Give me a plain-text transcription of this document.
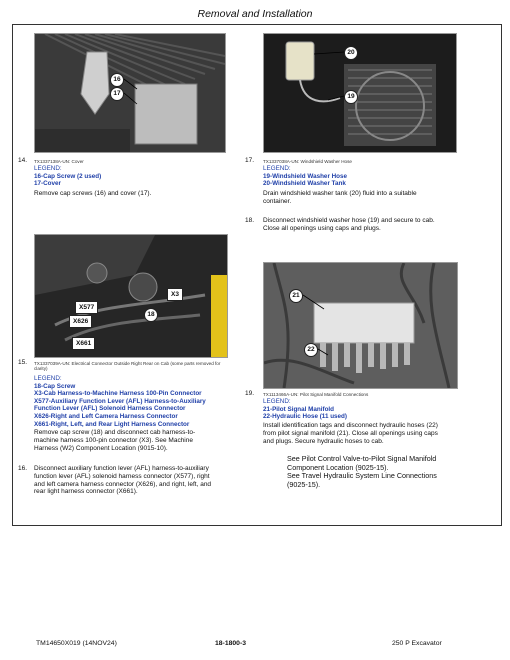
Removal and Installation
16
17
20
19
14. TX1337138A-UN: Cover
LEGEND:
16-Cap Screw (2 used)
17-Cover
Remove cap screws (16) and cover (17).
17. TX1337038A-UN: Windshield Washer Hose
LEGEND:
19-Windshield Washer Hose
20-Windshield Washer Tank
Drain windshield washer tank (20) fluid into a suitable
container.
18. Disconnect windshield washer hose (19) and secure to cab.
Close all openings using caps and plugs.
X3
X577
18
X626
X661
15. TX1337039A-UN: Electrical Connector Outside Right Rear on Cab (some parts removed for
clarity)
LEGEND:
18-Cap Screw
X3-Cab Harness-to-Machine Harness 100-Pin Connector
X577-Auxiliary Function Lever (AFL) Harness-to-Auxiliary
Function Lever (AFL) Solenoid Harness Connector
X626-Right and Left Camera Harness Connector
X661-Right, Left, and Rear Light Harness Connector
Remove cap screw (18) and disconnect cab harness-to-
machine harness 100-pin connector (X3). See Machine
Harness (W2) Component Location (9015-10).
16. Disconnect auxiliary function lever (AFL) harness-to-auxiliary
function lever (AFL) solenoid harness connector (X577), right
and left camera harness connector (X626), and right, left, and
rear light harness connector (X661).
21
22
19. TX1113466A-UN: Pilot Signal Manifold Connections
LEGEND:
21-Pilot Signal Manifold
22-Hydraulic Hose (11 used)
Install identification tags and disconnect hydraulic hoses (22)
from pilot signal manifold (21). Close all openings using caps
and plugs. Secure hydraulic hoses to cab.
See Pilot Control Valve-to-Pilot Signal Manifold
Component Location (9025-15).
See Travel Hydraulic System Line Connections
(9025-15).
TM14650X019 (14NOV24)	18-1800-3	250 P Excavator
